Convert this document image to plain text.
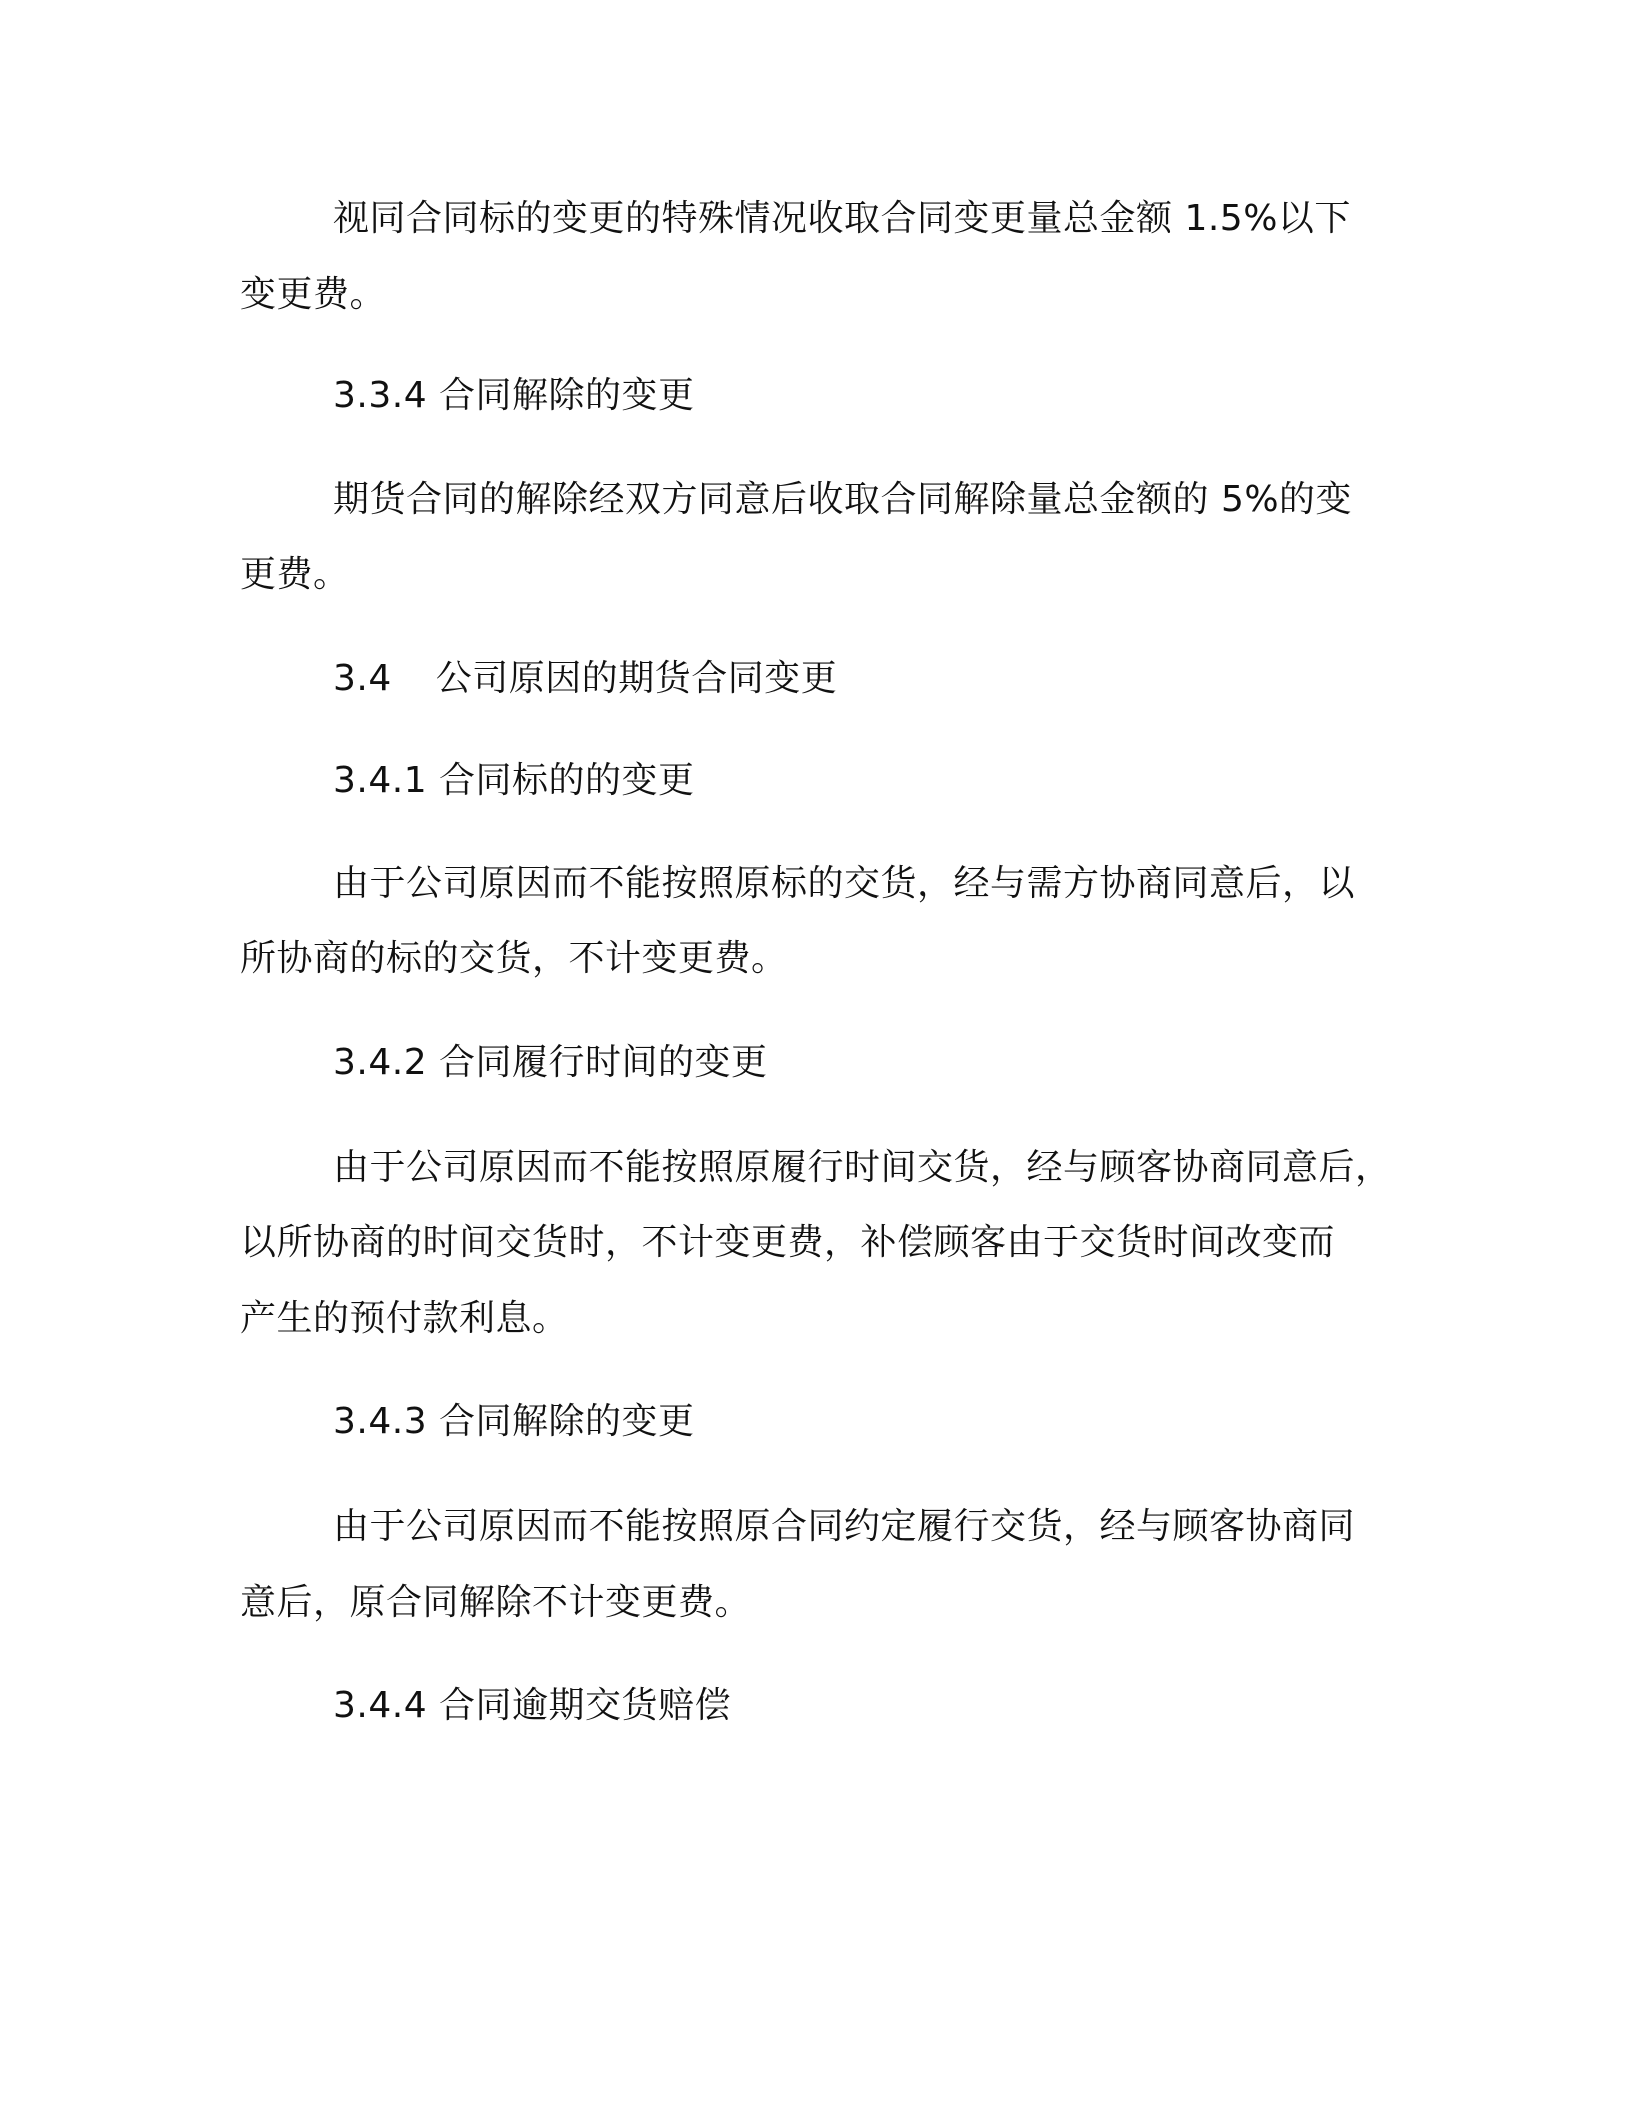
视同合同标的变更的特殊情况收取合同变更量总金额 1.5%以下
变更费。
3.3.4 合同解除的变更
期货合同的解除经双方同意后收取合同解除量总金额的 5%的变
更费。
3.4 公司原因的期货合同变更
3.4.1 合同标的的变更
由于公司原因而不能按照原标的交货，经与需方协商同意后，以
所协商的标的交货，不计变更费。
3.4.2 合同履行时间的变更
由于公司原因而不能按照原履行时间交货，经与顾客协商同意后，
以所协商的时间交货时，不计变更费，补偿顾客由于交货时间改变而
产生的预付款利息。
3.4.3 合同解除的变更
由于公司原因而不能按照原合同约定履行交货，经与顾客协商同
意后，原合同解除不计变更费。
3.4.4 合同逾期交货赔偿
